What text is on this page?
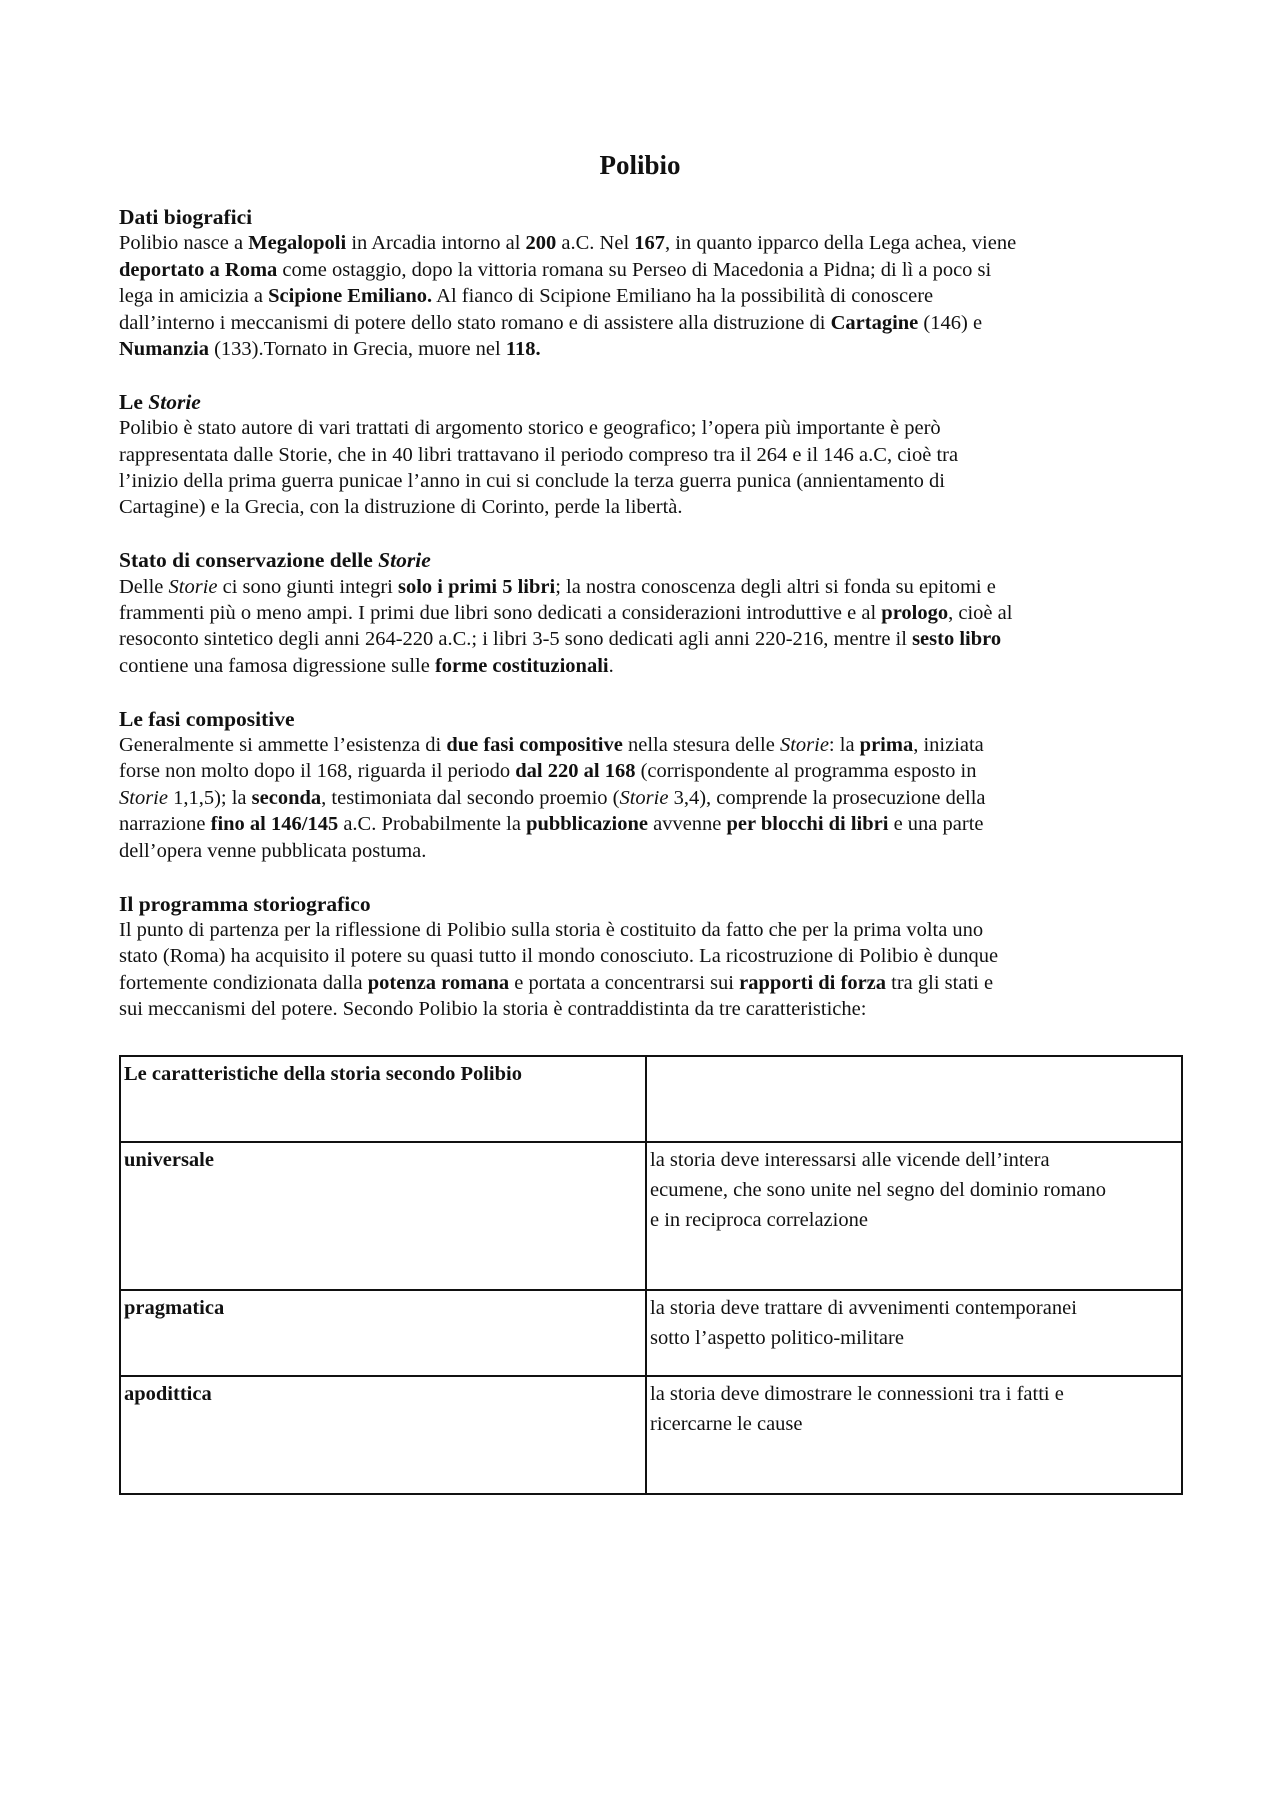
Polibio
Dati biografici
Polibio nasce a Megalopoli in Arcadia intorno al 200 a.C. Nel 167, in quanto ipparco della Lega achea, viene
deportato a Roma come ostaggio, dopo la vittoria romana su Perseo di Macedonia a Pidna; di lì a poco si
lega in amicizia a Scipione Emiliano. Al fianco di Scipione Emiliano ha la possibilità di conoscere
dall’interno i meccanismi di potere dello stato romano e di assistere alla distruzione di Cartagine (146) e
Numanzia (133).Tornato in Grecia, muore nel 118.
Le Storie
Polibio è stato autore di vari trattati di argomento storico e geografico; l’opera più importante è però
rappresentata dalle Storie, che in 40 libri trattavano il periodo compreso tra il 264 e il 146 a.C, cioè tra
l’inizio della prima guerra punicae l’anno in cui si conclude la terza guerra punica (annientamento di
Cartagine) e la Grecia, con la distruzione di Corinto, perde la libertà.
Stato di conservazione delle Storie
Delle Storie ci sono giunti integri solo i primi 5 libri; la nostra conoscenza degli altri si fonda su epitomi e
frammenti più o meno ampi. I primi due libri sono dedicati a considerazioni introduttive e al prologo, cioè al
resoconto sintetico degli anni 264-220 a.C.; i libri 3-5 sono dedicati agli anni 220-216, mentre il sesto libro
contiene una famosa digressione sulle forme costituzionali.
Le fasi compositive
Generalmente si ammette l’esistenza di due fasi compositive nella stesura delle Storie: la prima, iniziata
forse non molto dopo il 168, riguarda il periodo dal 220 al 168 (corrispondente al programma esposto in
Storie 1,1,5); la seconda, testimoniata dal secondo proemio (Storie 3,4), comprende la prosecuzione della
narrazione fino al 146/145 a.C. Probabilmente la pubblicazione avvenne per blocchi di libri e una parte
dell’opera venne pubblicata postuma.
Il programma storiografico
Il punto di partenza per la riflessione di Polibio sulla storia è costituito da fatto che per la prima volta uno
stato (Roma) ha acquisito il potere su quasi tutto il mondo conosciuto. La ricostruzione di Polibio è dunque
fortemente condizionata dalla potenza romana e portata a concentrarsi sui rapporti di forza tra gli stati e
sui meccanismi del potere. Secondo Polibio la storia è contraddistinta da tre caratteristiche:
Le caratteristiche della storia secondo Polibio	
universale	la storia deve interessarsi alle vicende dell’intera
ecumene, che sono unite nel segno del dominio romano
e in reciproca correlazione

pragmatica	la storia deve trattare di avvenimenti contemporanei
sotto l’aspetto politico-militare

apodittica	la storia deve dimostrare le connessioni tra i fatti e
ricercarne le cause
